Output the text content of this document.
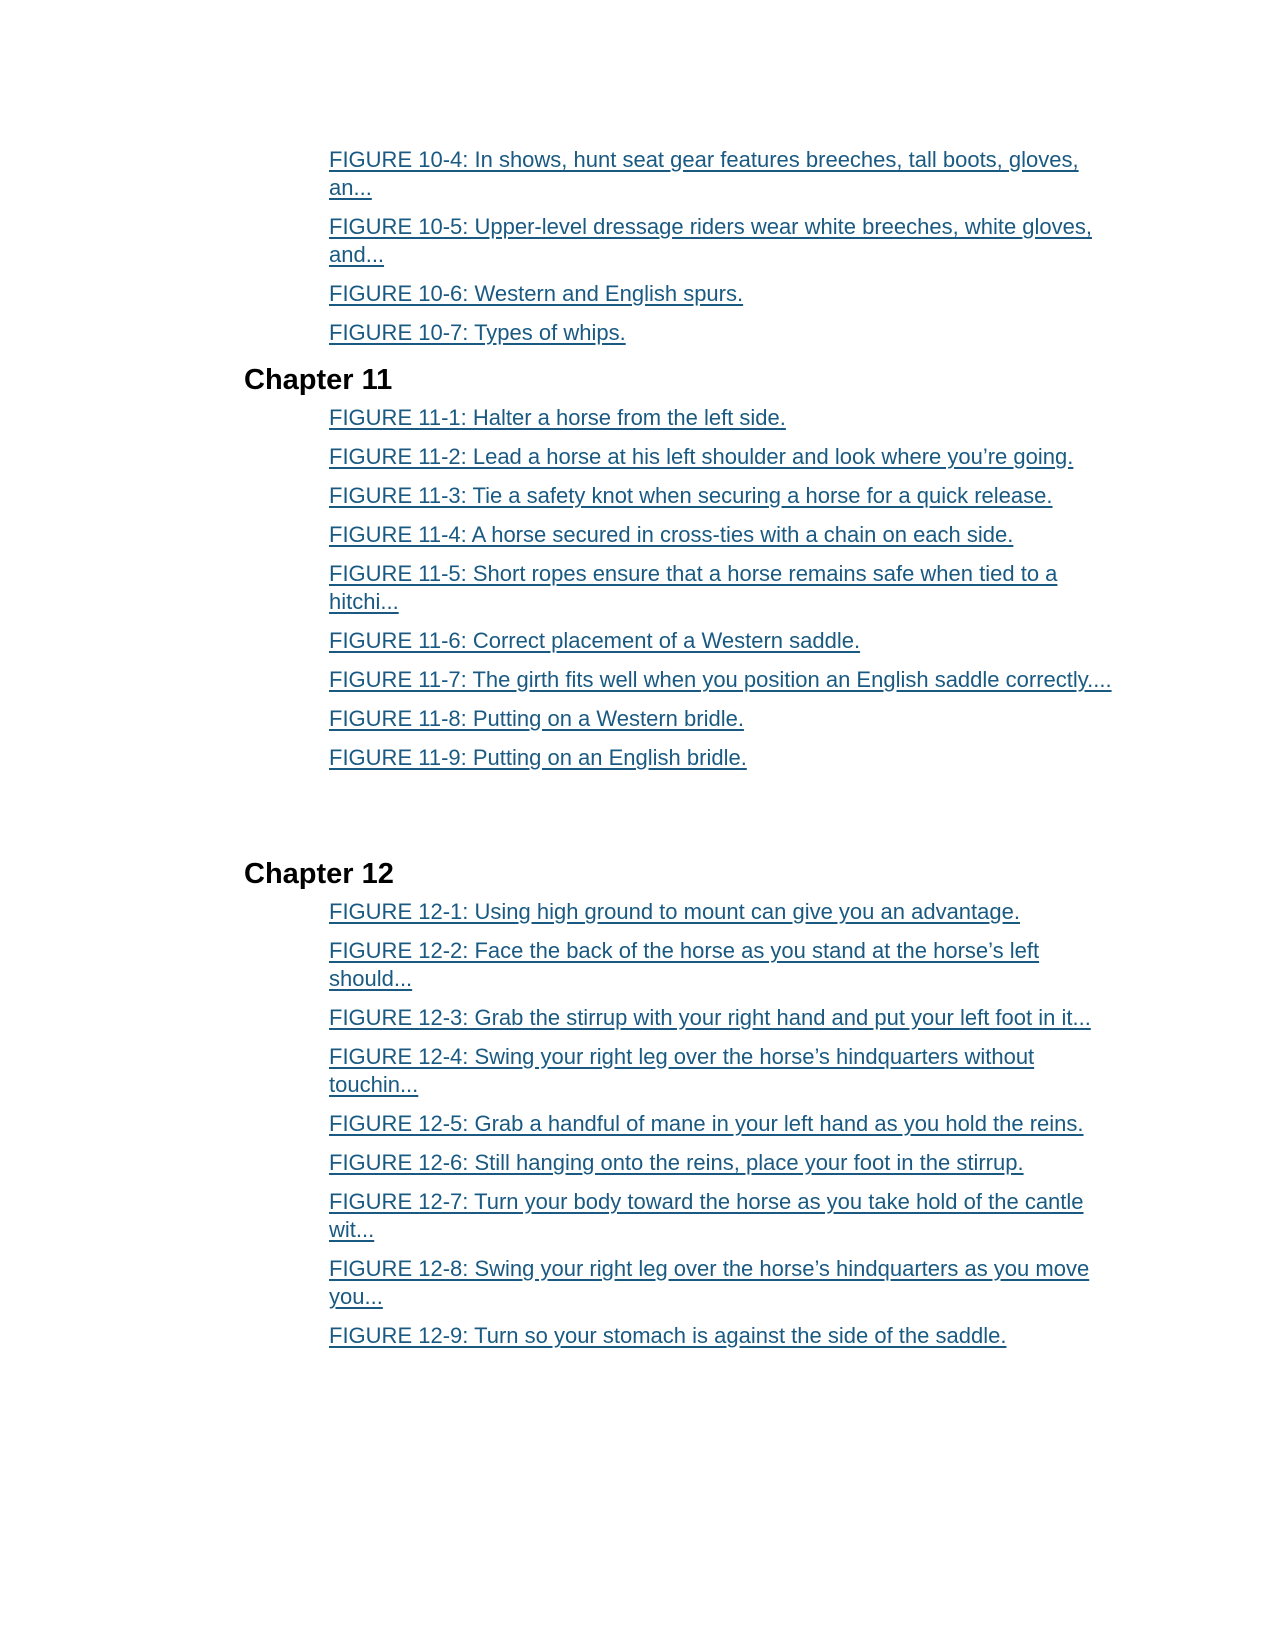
FIGURE 10-4: In shows, hunt seat gear features breeches, tall boots, gloves, an...
FIGURE 10-5: Upper-level dressage riders wear white breeches, white gloves, and...
FIGURE 10-6: Western and English spurs.
FIGURE 10-7: Types of whips.
Chapter 11
FIGURE 11-1: Halter a horse from the left side.
FIGURE 11-2: Lead a horse at his left shoulder and look where you’re going.
FIGURE 11-3: Tie a safety knot when securing a horse for a quick release.
FIGURE 11-4: A horse secured in cross-ties with a chain on each side.
FIGURE 11-5: Short ropes ensure that a horse remains safe when tied to a hitchi...
FIGURE 11-6: Correct placement of a Western saddle.
FIGURE 11-7: The girth fits well when you position an English saddle correctly....
FIGURE 11-8: Putting on a Western bridle.
FIGURE 11-9: Putting on an English bridle.
Chapter 12
FIGURE 12-1: Using high ground to mount can give you an advantage.
FIGURE 12-2: Face the back of the horse as you stand at the horse’s left should...
FIGURE 12-3: Grab the stirrup with your right hand and put your left foot in it...
FIGURE 12-4: Swing your right leg over the horse’s hindquarters without touchin...
FIGURE 12-5: Grab a handful of mane in your left hand as you hold the reins.
FIGURE 12-6: Still hanging onto the reins, place your foot in the stirrup.
FIGURE 12-7: Turn your body toward the horse as you take hold of the cantle wit...
FIGURE 12-8: Swing your right leg over the horse’s hindquarters as you move you...
FIGURE 12-9: Turn so your stomach is against the side of the saddle.
